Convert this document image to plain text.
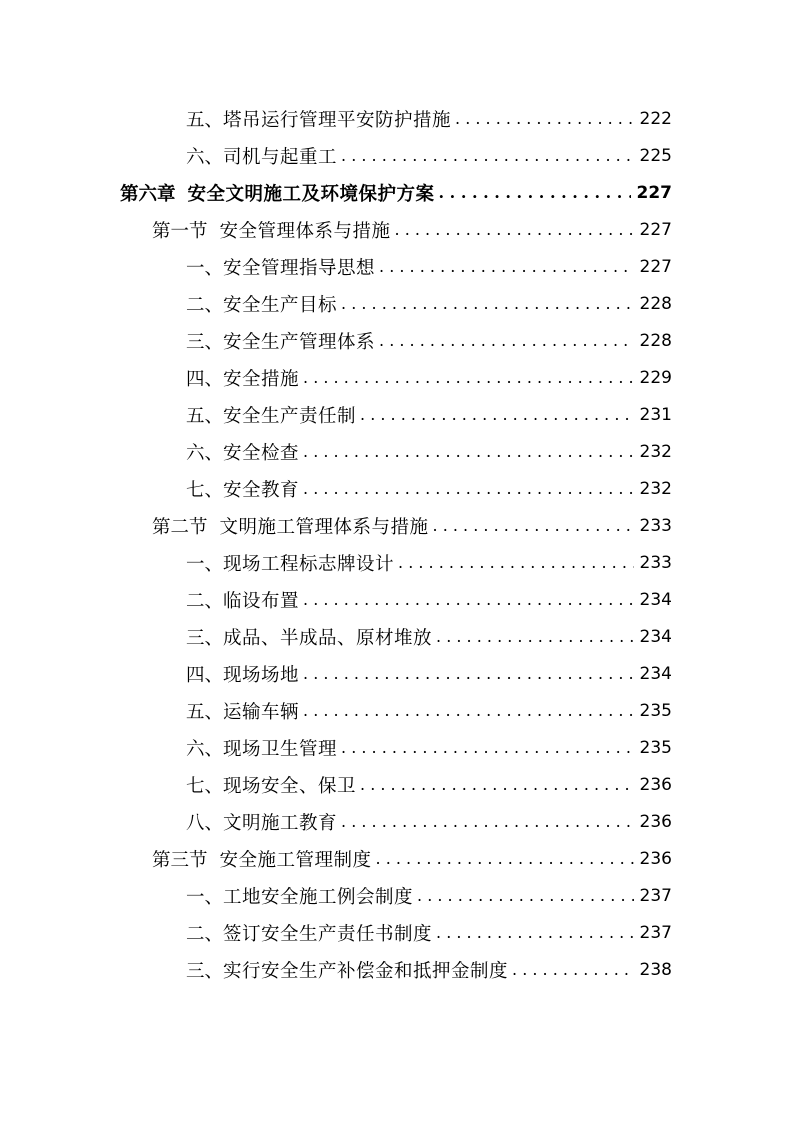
五、 塔吊运行管理平安防护措施 . . .	222
六、 司机与起重工 . . .	225
第六章 安全文明施工及环境保护方案 . . .	227
第一节 安全管理体系与措施 . . .	227
一、 安全管理指导思想 . . .	227
二、 安全生产目标 . . .	228
三、 安全生产管理体系 . . .	228
四、 安全措施 . . .	229
五、 安全生产责任制 . . .	231
六、 安全检查 . . .	232
七、 安全教育 . . .	232
第二节 文明施工管理体系与措施 . . .	233
一、 现场工程标志牌设计 . . .	233
二、 临设布置 . . .	234
三、 成品、半成品、原材堆放 . . .	234
四、 现场场地 . . .	234
五、 运输车辆 . . .	235
六、 现场卫生管理 . . .	235
七、 现场安全、保卫 . . .	236
八、 文明施工教育 . . .	236
第三节 安全施工管理制度 . . .	236
一、 工地安全施工例会制度 . . .	237
二、 签订安全生产责任书制度 . . .	237
三、 实行安全生产补偿金和抵押金制度 . . .	238
